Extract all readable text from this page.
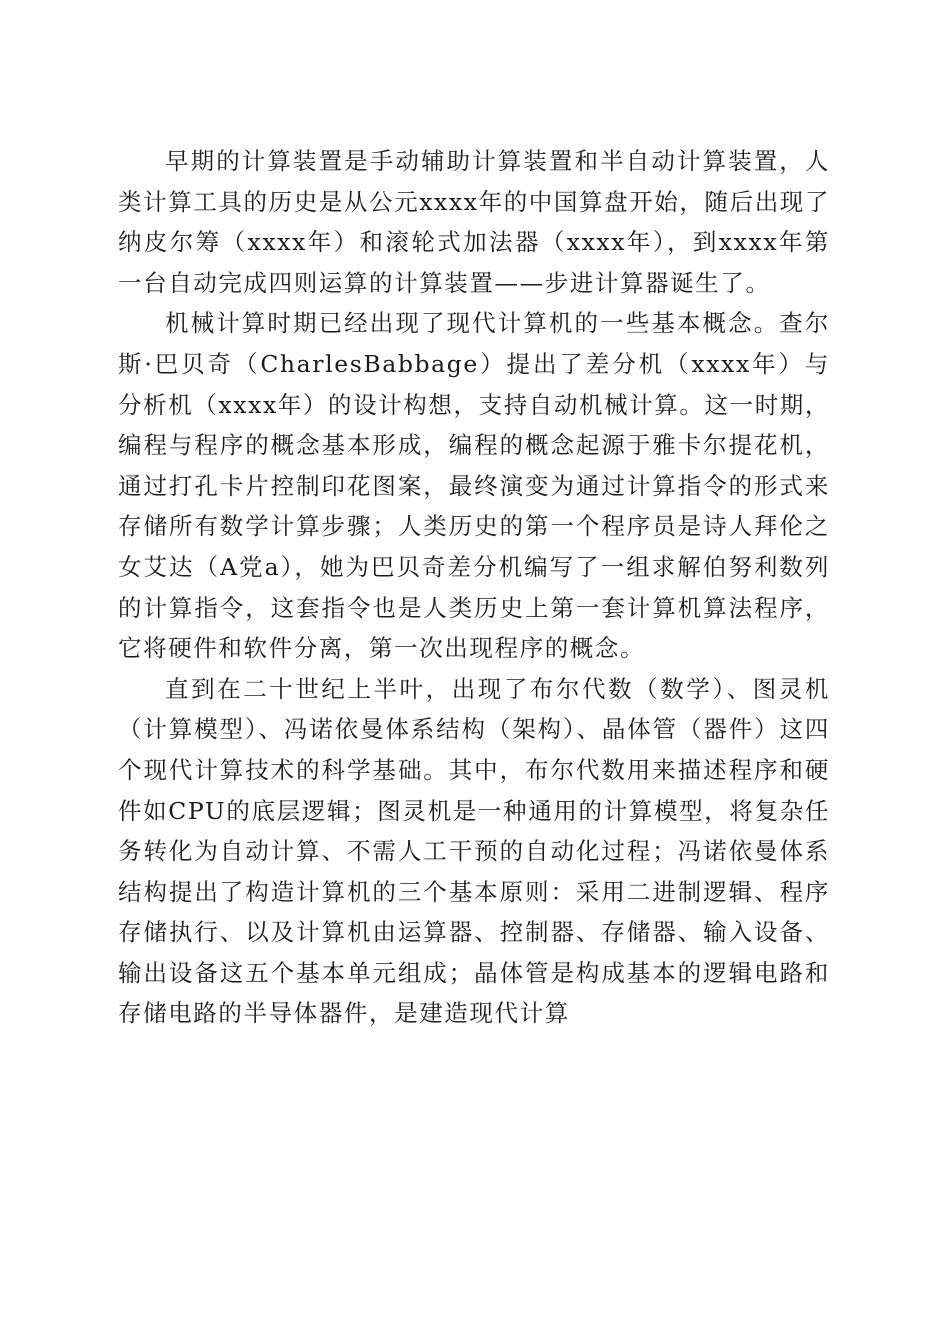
早期的计算装置是手动辅助计算装置和半自动计算装置，人类计算工具的历史是从公元xxxx年的中国算盘开始，随后出现了纳皮尔筹（xxxx年）和滚轮式加法器（xxxx年），到xxxx年第一台自动完成四则运算的计算装置——步进计算器诞生了。

机械计算时期已经出现了现代计算机的一些基本概念。查尔斯·巴贝奇（CharlesBabbage）提出了差分机（xxxx年）与分析机（xxxx年）的设计构想，支持自动机械计算。这一时期，编程与程序的概念基本形成，编程的概念起源于雅卡尔提花机，通过打孔卡片控制印花图案，最终演变为通过计算指令的形式来存储所有数学计算步骤；人类历史的第一个程序员是诗人拜伦之女艾达（A党a），她为巴贝奇差分机编写了一组求解伯努利数列的计算指令，这套指令也是人类历史上第一套计算机算法程序，它将硬件和软件分离，第一次出现程序的概念。

直到在二十世纪上半叶，出现了布尔代数（数学）、图灵机（计算模型）、冯诺依曼体系结构（架构）、晶体管（器件）这四个现代计算技术的科学基础。其中，布尔代数用来描述程序和硬件如CPU的底层逻辑；图灵机是一种通用的计算模型，将复杂任务转化为自动计算、不需人工干预的自动化过程；冯诺依曼体系结构提出了构造计算机的三个基本原则：采用二进制逻辑、程序存储执行、以及计算机由运算器、控制器、存储器、输入设备、输出设备这五个基本单元组成；晶体管是构成基本的逻辑电路和存储电路的半导体器件，是建造现代计算
